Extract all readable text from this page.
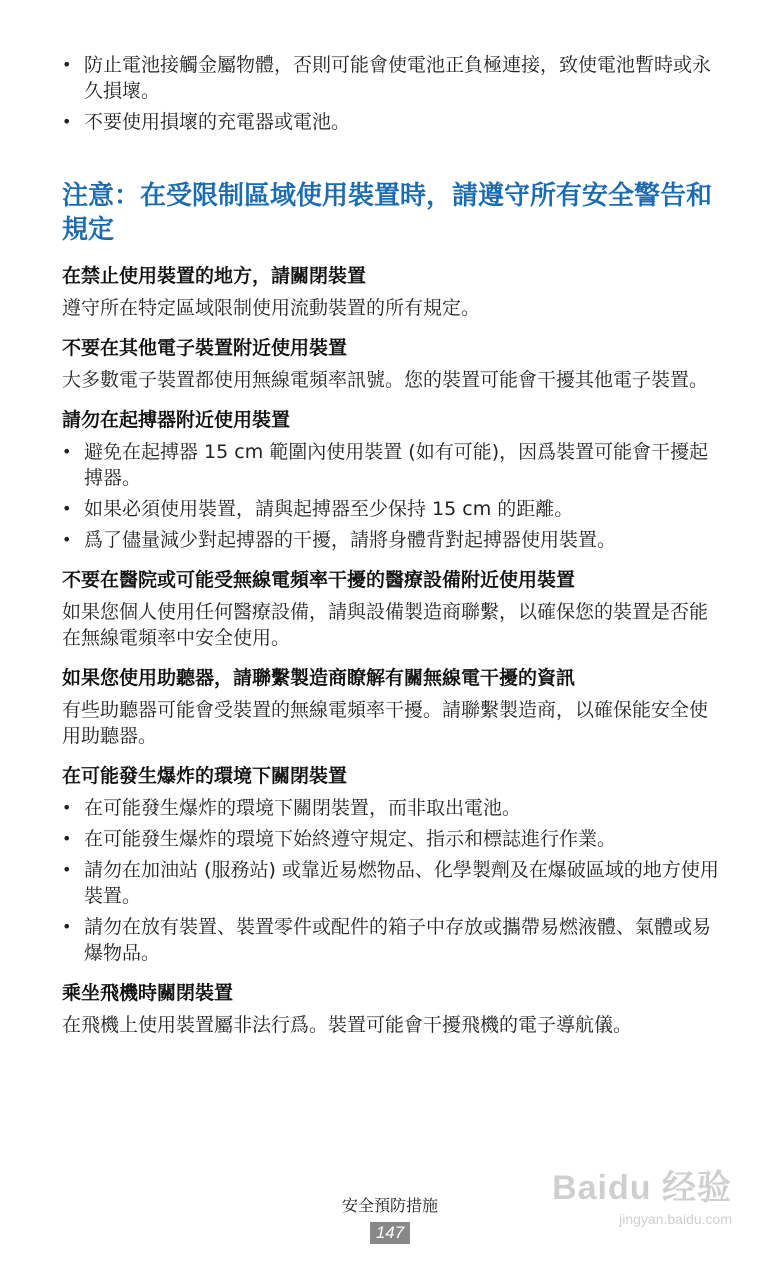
• 防止電池接觸金屬物體，否則可能會使電池正負極連接，致使電池暫時或永久損壞。
• 不要使用損壞的充電器或電池。
注意：在受限制區域使用裝置時，請遵守所有安全警告和規定
在禁止使用裝置的地方，請關閉裝置

遵守所在特定區域限制使用流動裝置的所有規定。

不要在其他電子裝置附近使用裝置

大多數電子裝置都使用無線電頻率訊號。您的裝置可能會干擾其他電子裝置。

請勿在起搏器附近使用裝置
• 避免在起搏器 15 cm 範圍內使用裝置 (如有可能)，因爲裝置可能會干擾起搏器。
• 如果必須使用裝置，請與起搏器至少保持 15 cm 的距離。
• 爲了儘量減少對起搏器的干擾，請將身體背對起搏器使用裝置。
不要在醫院或可能受無線電頻率干擾的醫療設備附近使用裝置

如果您個人使用任何醫療設備，請與設備製造商聯繫，以確保您的裝置是否能在無線電頻率中安全使用。

如果您使用助聽器，請聯繫製造商瞭解有關無線電干擾的資訊

有些助聽器可能會受裝置的無線電頻率干擾。請聯繫製造商，以確保能安全使用助聽器。

在可能發生爆炸的環境下關閉裝置
• 在可能發生爆炸的環境下關閉裝置，而非取出電池。
• 在可能發生爆炸的環境下始終遵守規定、指示和標誌進行作業。
• 請勿在加油站 (服務站) 或靠近易燃物品、化學製劑及在爆破區域的地方使用裝置。
• 請勿在放有裝置、裝置零件或配件的箱子中存放或攜帶易燃液體、氣體或易爆物品。
乘坐飛機時關閉裝置

在飛機上使用裝置屬非法行爲。裝置可能會干擾飛機的電子導航儀。

安全預防措施
147
Baidu 经验
jingyan.baidu.com
